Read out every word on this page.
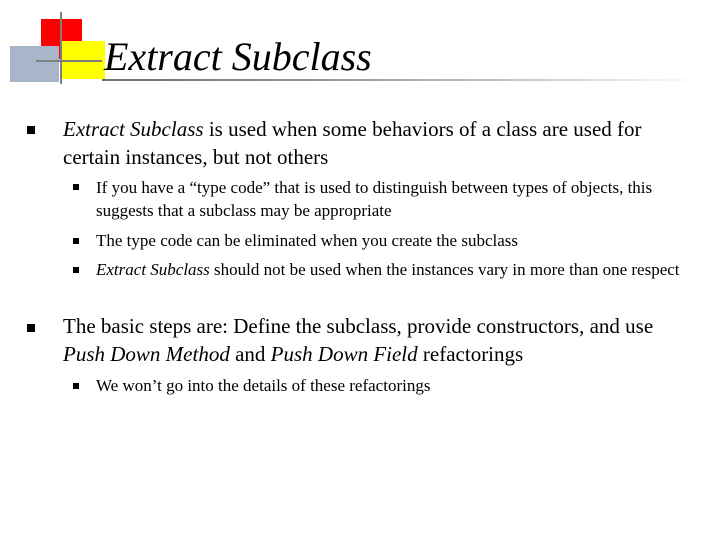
Extract Subclass
Extract Subclass is used when some behaviors of a class are used for certain instances, but not others
If you have a “type code” that is used to distinguish between types of objects, this suggests that a subclass may be appropriate
The type code can be eliminated when you create the subclass
Extract Subclass should not be used when the instances vary in more than one respect
The basic steps are: Define the subclass, provide constructors, and use Push Down Method and Push Down Field refactorings
We won’t go into the details of these refactorings
